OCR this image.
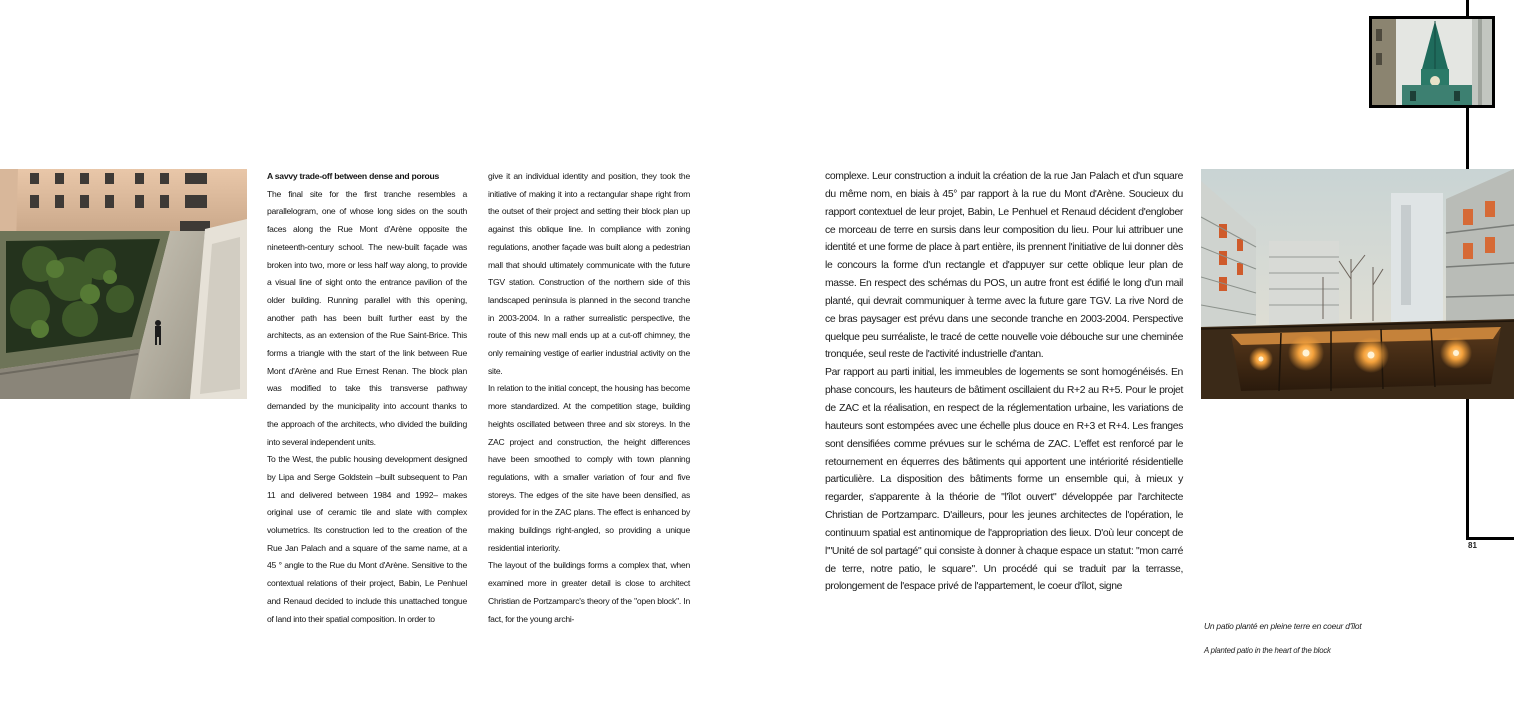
A savvy trade-off between dense and porous

The final site for the first tranche resembles a parallelogram, one of whose long sides on the south faces along the Rue Mont d'Arène opposite the nineteenth-century school. The new-built façade was broken into two, more or less half way along, to provide a visual line of sight onto the entrance pavilion of the older building. Running parallel with this opening, another path has been built further east by the architects, as an extension of the Rue Saint-Brice. This forms a triangle with the start of the link between Rue Mont d'Arène and Rue Ernest Renan. The block plan was modified to take this transverse pathway demanded by the municipality into account thanks to the approach of the architects, who divided the building into several independent units.

To the West, the public housing development designed by Lipa and Serge Goldstein –built subsequent to Pan 11 and delivered between 1984 and 1992– makes original use of ceramic tile and slate with complex volumetrics. Its construction led to the creation of the Rue Jan Palach and a square of the same name, at a 45 ° angle to the Rue du Mont d'Arène. Sensitive to the contextual relations of their project, Babin, Le Penhuel and Renaud decided to include this unattached tongue of land into their spatial composition. In order to

give it an individual identity and position, they took the initiative of making it into a rectangular shape right from the outset of their project and setting their block plan up against this oblique line. In compliance with zoning regulations, another façade was built along a pedestrian mall that should ultimately communicate with the future TGV station. Construction of the northern side of this landscaped peninsula is planned in the second tranche in 2003-2004. In a rather surrealistic perspective, the route of this new mall ends up at a cut-off chimney, the only remaining vestige of earlier industrial activity on the site.

In relation to the initial concept, the housing has become more standardized. At the competition stage, building heights oscillated between three and six storeys. In the ZAC project and construction, the height differences have been smoothed to comply with town planning regulations, with a smaller variation of four and five storeys. The edges of the site have been densified, as provided for in the ZAC plans. The effect is enhanced by making buildings right-angled, so providing a unique residential interiority.

The layout of the buildings forms a complex that, when examined more in greater detail is close to architect Christian de Portzamparc's theory of the "open block". In fact, for the young archi-

complexe. Leur construction a induit la création de la rue Jan Palach et d'un square du même nom, en biais à 45° par rapport à la rue du Mont d'Arène. Soucieux du rapport contextuel de leur projet, Babin, Le Penhuel et Renaud décident d'englober ce morceau de terre en sursis dans leur composition du lieu. Pour lui attribuer une identité et une forme de place à part entière, ils prennent l'initiative de lui donner dès le concours la forme d'un rectangle et d'appuyer sur cette oblique leur plan de masse. En respect des schémas du POS, un autre front est édifié le long d'un mail planté, qui devrait communiquer à terme avec la future gare TGV. La rive Nord de ce bras paysager est prévu dans une seconde tranche en 2003-2004. Perspective quelque peu surréaliste, le tracé de cette nouvelle voie débouche sur une cheminée tronquée, seul reste de l'activité industrielle d'antan.

Par rapport au parti initial, les immeubles de logements se sont homogénéisés. En phase concours, les hauteurs de bâtiment oscillaient du R+2 au R+5. Pour le projet de ZAC et la réalisation, en respect de la réglementation urbaine, les variations de hauteurs sont estompées avec une échelle plus douce en R+3 et R+4. Les franges sont densifiées comme prévues sur le schéma de ZAC. L'effet est renforcé par le retournement en équerres des bâtiments qui apportent une intériorité résidentielle particulière. La disposition des bâtiments forme un ensemble qui, à mieux y regarder, s'apparente à la théorie de "l'îlot ouvert" développée par l'architecte Christian de Portzamparc. D'ailleurs, pour les jeunes architectes de l'opération, le continuum spatial est antinomique de l'appropriation des lieux. D'où leur concept de l'"Unité de sol partagé" qui consiste à donner à chaque espace un statut: "mon carré de terre, notre patio, le square". Un procédé qui se traduit par la terrasse, prolongement de l'espace privé de l'appartement, le coeur d'îlot, signe

81
Un patio planté en pleine terre en coeur d'îlot
A planted patio in the heart of the block
